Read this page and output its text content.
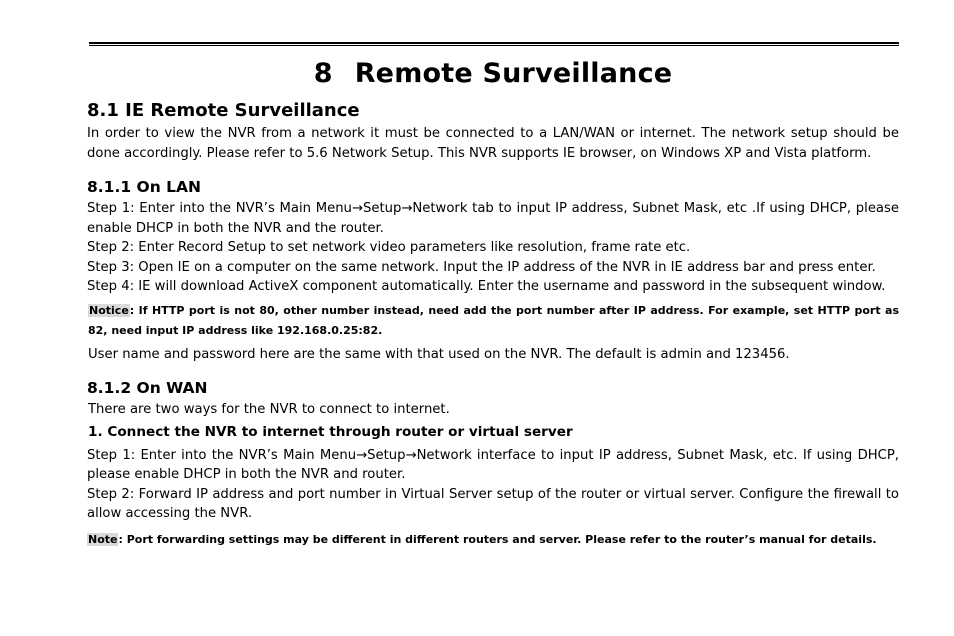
8 Remote Surveillance
8.1 IE Remote Surveillance

In order to view the NVR from a network it must be connected to a LAN/WAN or internet. The network setup should be done accordingly. Please refer to 5.6 Network Setup. This NVR supports IE browser, on Windows XP and Vista platform.

8.1.1 On LAN

Step 1: Enter into the NVR’s Main Menu→Setup→Network tab to input IP address, Subnet Mask, etc .If using DHCP, please enable DHCP in both the NVR and the router.

Step 2: Enter Record Setup to set network video parameters like resolution, frame rate etc.

Step 3: Open IE on a computer on the same network. Input the IP address of the NVR in IE address bar and press enter.

Step 4: IE will download ActiveX component automatically. Enter the username and password in the subsequent window.

Notice: If HTTP port is not 80, other number instead, need add the port number after IP address. For example, set HTTP port as 82, need input IP address like 192.168.0.25:82.

User name and password here are the same with that used on the NVR. The default is admin and 123456.

8.1.2 On WAN

There are two ways for the NVR to connect to internet.

1. Connect the NVR to internet through router or virtual server

Step 1: Enter into the NVR’s Main Menu→Setup→Network interface to input IP address, Subnet Mask, etc. If using DHCP, please enable DHCP in both the NVR and router.

Step 2: Forward IP address and port number in Virtual Server setup of the router or virtual server. Configure the firewall to allow accessing the NVR.

Note: Port forwarding settings may be different in different routers and server. Please refer to the router’s manual for details.
